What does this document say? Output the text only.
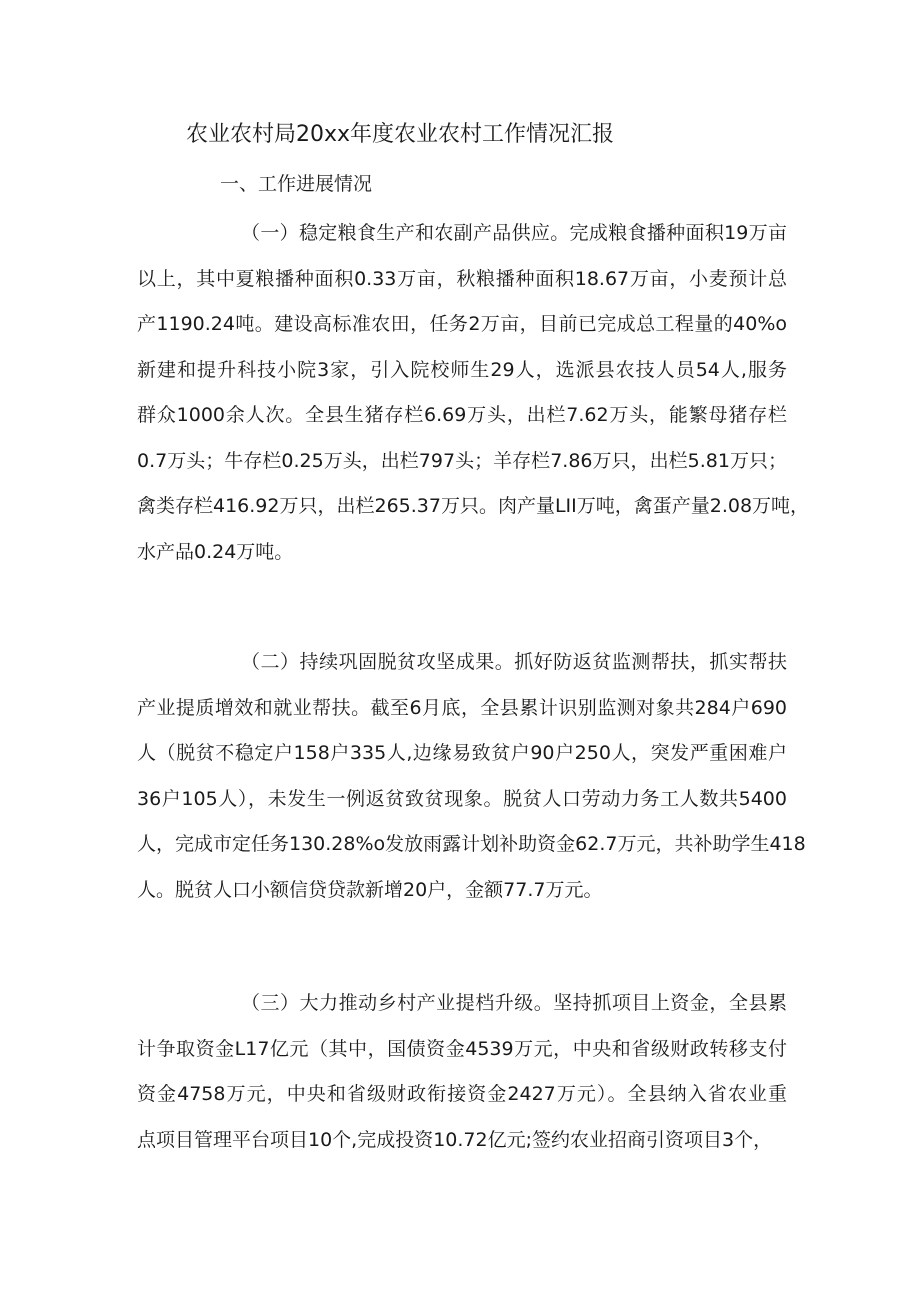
农业农村局20xx年度农业农村工作情况汇报

一、工作进展情况

（一）稳定粮食生产和农副产品供应。完成粮食播种面积19万亩
以上，其中夏粮播种面积0.33万亩，秋粮播种面积18.67万亩，小麦预计总
产1190.24吨。建设高标准农田，任务2万亩，目前已完成总工程量的40%o
新建和提升科技小院3家，引入院校师生29人，选派县农技人员54人,服务
群众1000余人次。全县生猪存栏6.69万头，出栏7.62万头，能繁母猪存栏
0.7万头；牛存栏0.25万头，出栏797头；羊存栏7.86万只，出栏5.81万只；
禽类存栏416.92万只，出栏265.37万只。肉产量LII万吨，禽蛋产量2.08万吨，
水产品0.24万吨。
（二）持续巩固脱贫攻坚成果。抓好防返贫监测帮扶，抓实帮扶
产业提质增效和就业帮扶。截至6月底，全县累计识别监测对象共284户690
人（脱贫不稳定户158户335人,边缘易致贫户90户250人，突发严重困难户
36户105人），未发生一例返贫致贫现象。脱贫人口劳动力务工人数共5400
人，完成市定任务130.28%o发放雨露计划补助资金62.7万元，共补助学生418
人。脱贫人口小额信贷贷款新增20户，金额77.7万元。
（三）大力推动乡村产业提档升级。坚持抓项目上资金，全县累
计争取资金L17亿元（其中，国债资金4539万元，中央和省级财政转移支付
资金4758万元，中央和省级财政衔接资金2427万元）。全县纳入省农业重
点项目管理平台项目10个,完成投资10.72亿元;签约农业招商引资项目3个，
